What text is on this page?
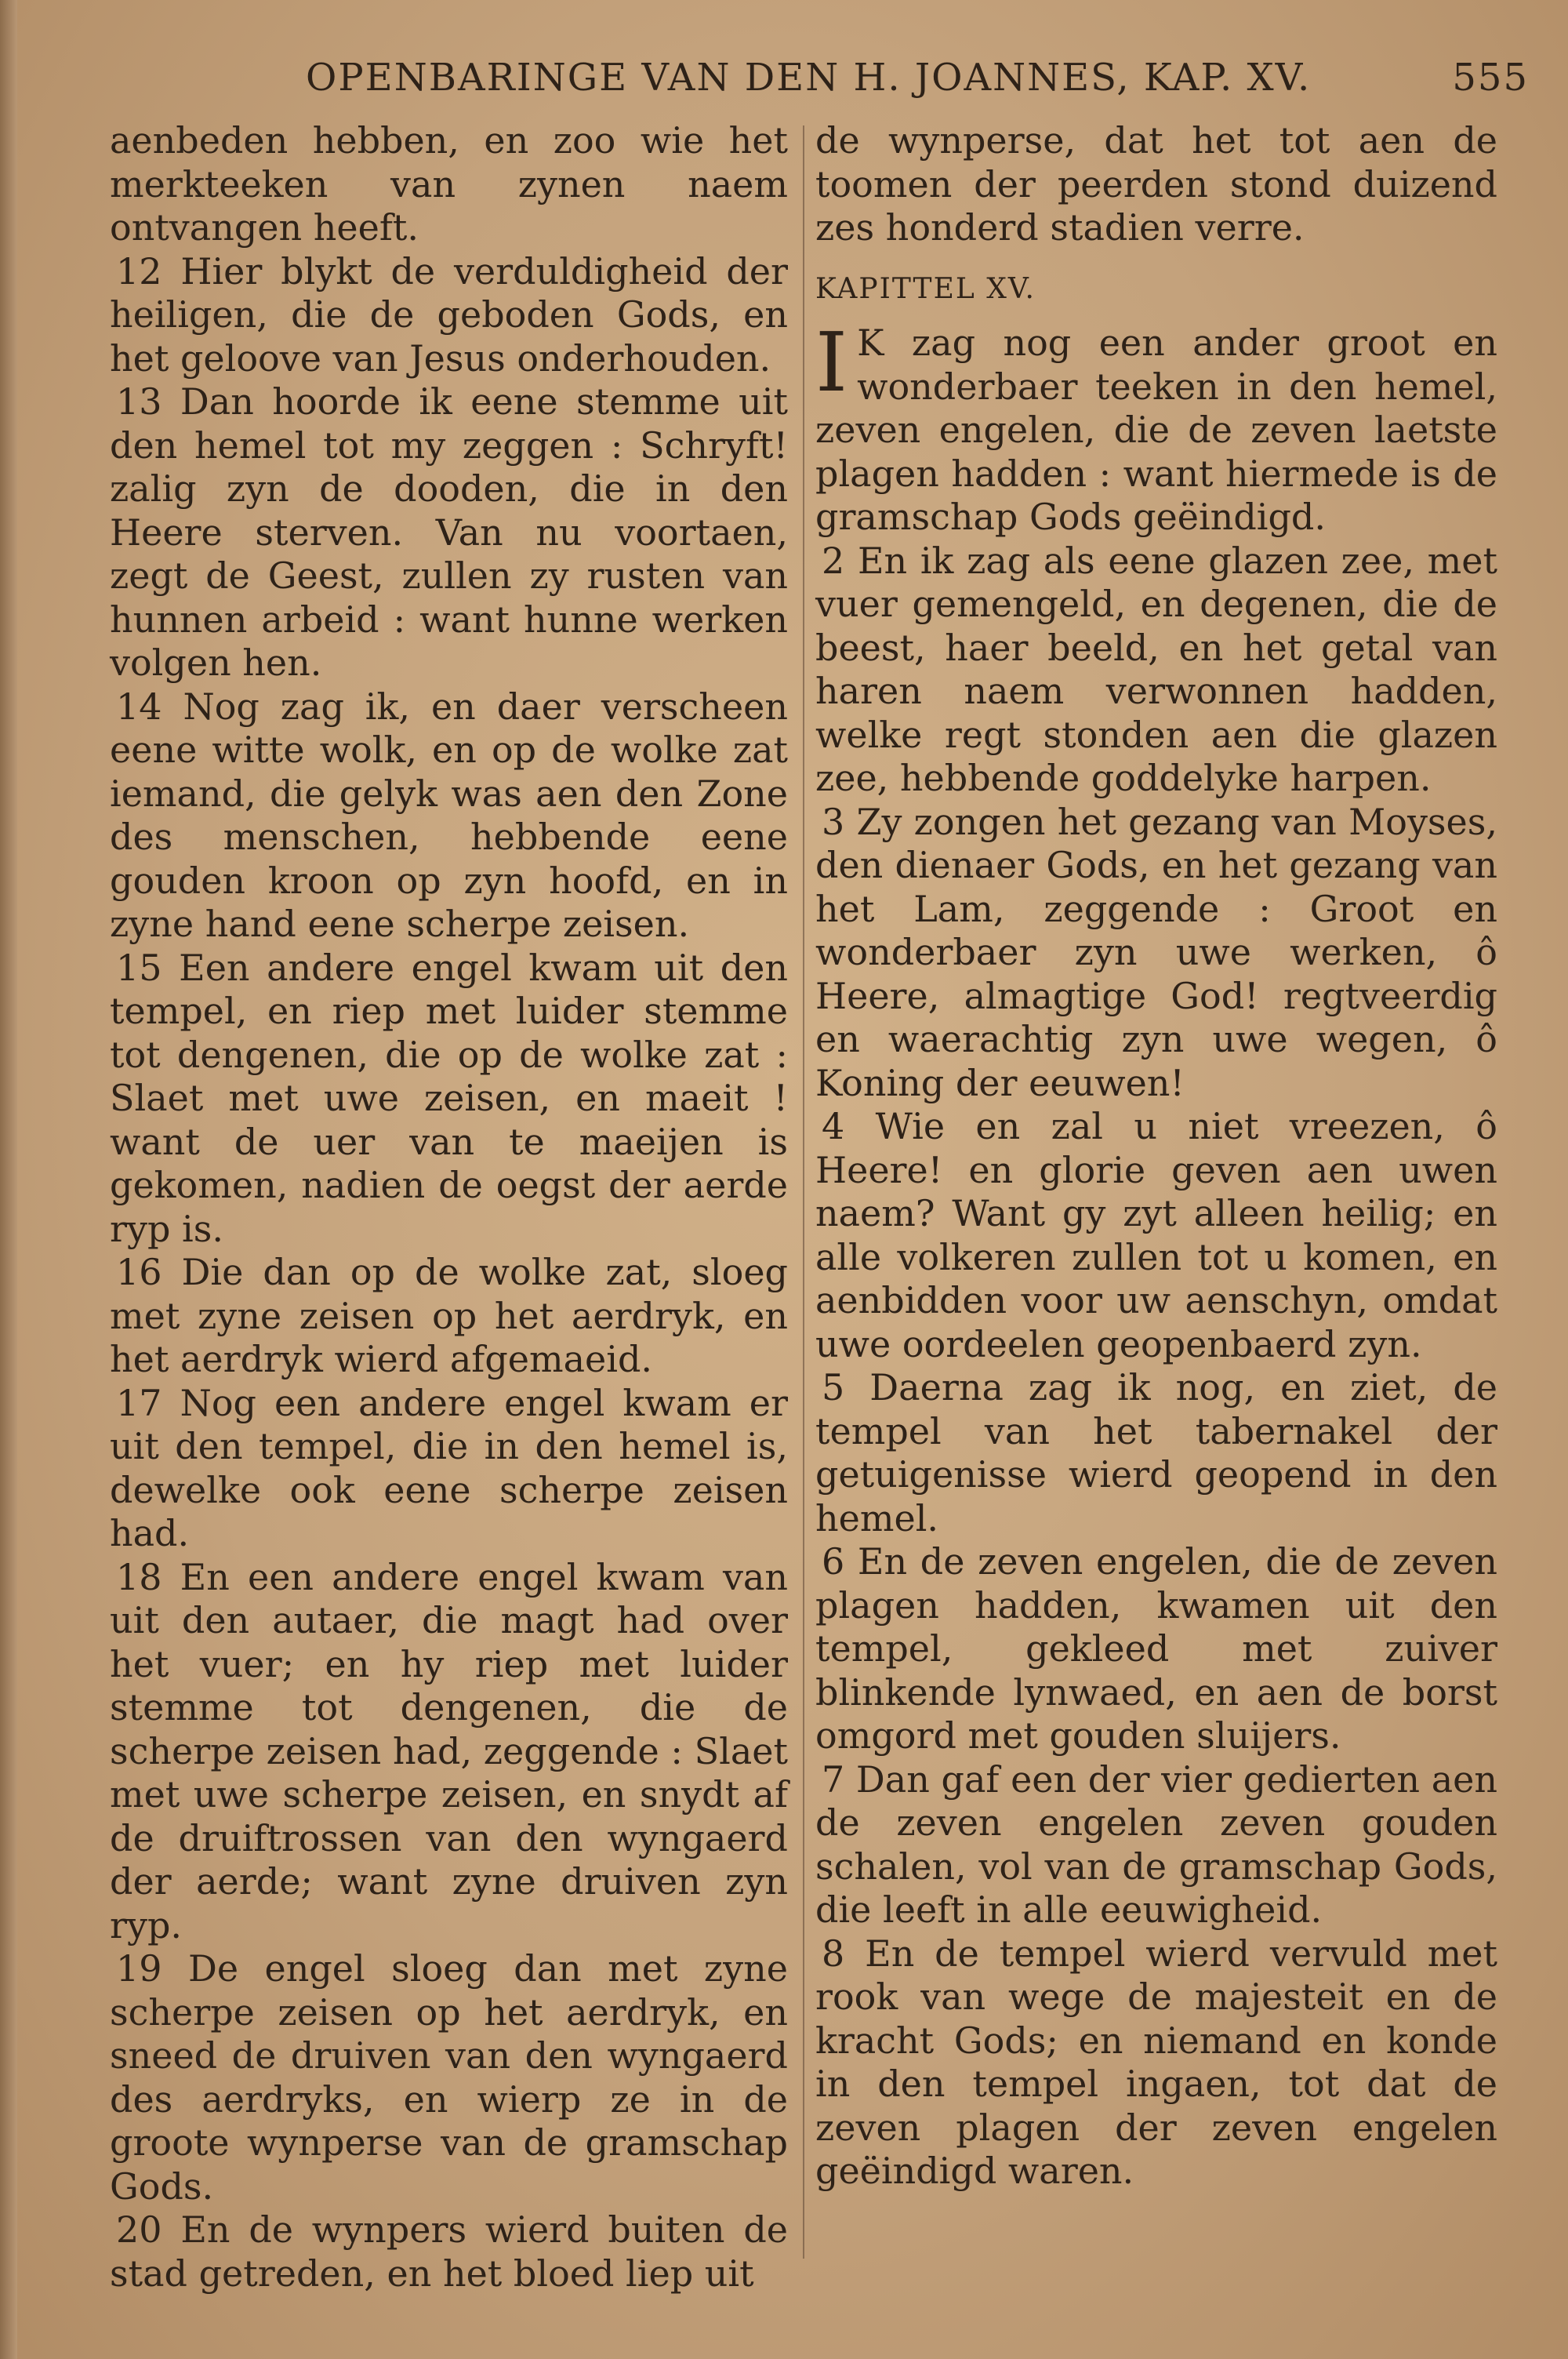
OPENBARINGE VAN DEN H. JOANNES, KAP. XV.	555

aenbeden hebben, en zoo wie het merkteeken van zynen naem ontvangen heeft.

12 Hier blykt de verduldigheid der heiligen, die de geboden Gods, en het geloove van Jesus onderhouden.

13 Dan hoorde ik eene stemme uit den hemel tot my zeggen : Schryft! zalig zyn de dooden, die in den Heere sterven. Van nu voortaen, zegt de Geest, zullen zy rusten van hunnen arbeid : want hunne werken volgen hen.

14 Nog zag ik, en daer verscheen eene witte wolk, en op de wolke zat iemand, die gelyk was aen den Zone des menschen, hebbende eene gouden kroon op zyn hoofd, en in zyne hand eene scherpe zeisen.

15 Een andere engel kwam uit den tempel, en riep met luider stemme tot dengenen, die op de wolke zat : Slaet met uwe zeisen, en maeit ! want de uer van te maeijen is gekomen, nadien de oegst der aerde ryp is.

16 Die dan op de wolke zat, sloeg met zyne zeisen op het aerdryk, en het aerdryk wierd afgemaeid.

17 Nog een andere engel kwam er uit den tempel, die in den hemel is, dewelke ook eene scherpe zeisen had.

18 En een andere engel kwam van uit den autaer, die magt had over het vuer; en hy riep met luider stemme tot dengenen, die de scherpe zeisen had, zeggende : Slaet met uwe scherpe zeisen, en snydt af de druiftrossen van den wyngaerd der aerde; want zyne druiven zyn ryp.

19 De engel sloeg dan met zyne scherpe zeisen op het aerdryk, en sneed de druiven van den wyngaerd des aerdryks, en wierp ze in de groote wynperse van de gramschap Gods.

20 En de wynpers wierd buiten de stad getreden, en het bloed liep uit

de wynperse, dat het tot aen de toomen der peerden stond duizend zes honderd stadien verre.

KAPITTEL XV.

I K zag nog een ander groot en wonderbaer teeken in den hemel, zeven engelen, die de zeven laetste plagen hadden : want hiermede is de gramschap Gods geëindigd.

2 En ik zag als eene glazen zee, met vuer gemengeld, en degenen, die de beest, haer beeld, en het getal van haren naem verwonnen hadden, welke regt stonden aen die glazen zee, hebbende goddelyke harpen.

3 Zy zongen het gezang van Moyses, den dienaer Gods, en het gezang van het Lam, zeggende : Groot en wonderbaer zyn uwe werken, ô Heere, almagtige God! regtveerdig en waerachtig zyn uwe wegen, ô Koning der eeuwen!

4 Wie en zal u niet vreezen, ô Heere! en glorie geven aen uwen naem? Want gy zyt alleen heilig; en alle volkeren zullen tot u komen, en aenbidden voor uw aenschyn, omdat uwe oordeelen geopenbaerd zyn.

5 Daerna zag ik nog, en ziet, de tempel van het tabernakel der getuigenisse wierd geopend in den hemel.

6 En de zeven engelen, die de zeven plagen hadden, kwamen uit den tempel, gekleed met zuiver blinkende lynwaed, en aen de borst omgord met gouden sluijers.

7 Dan gaf een der vier gedierten aen de zeven engelen zeven gouden schalen, vol van de gramschap Gods, die leeft in alle eeuwigheid.

8 En de tempel wierd vervuld met rook van wege de majesteit en de kracht Gods; en niemand en konde in den tempel ingaen, tot dat de zeven plagen der zeven engelen geëindigd waren.
